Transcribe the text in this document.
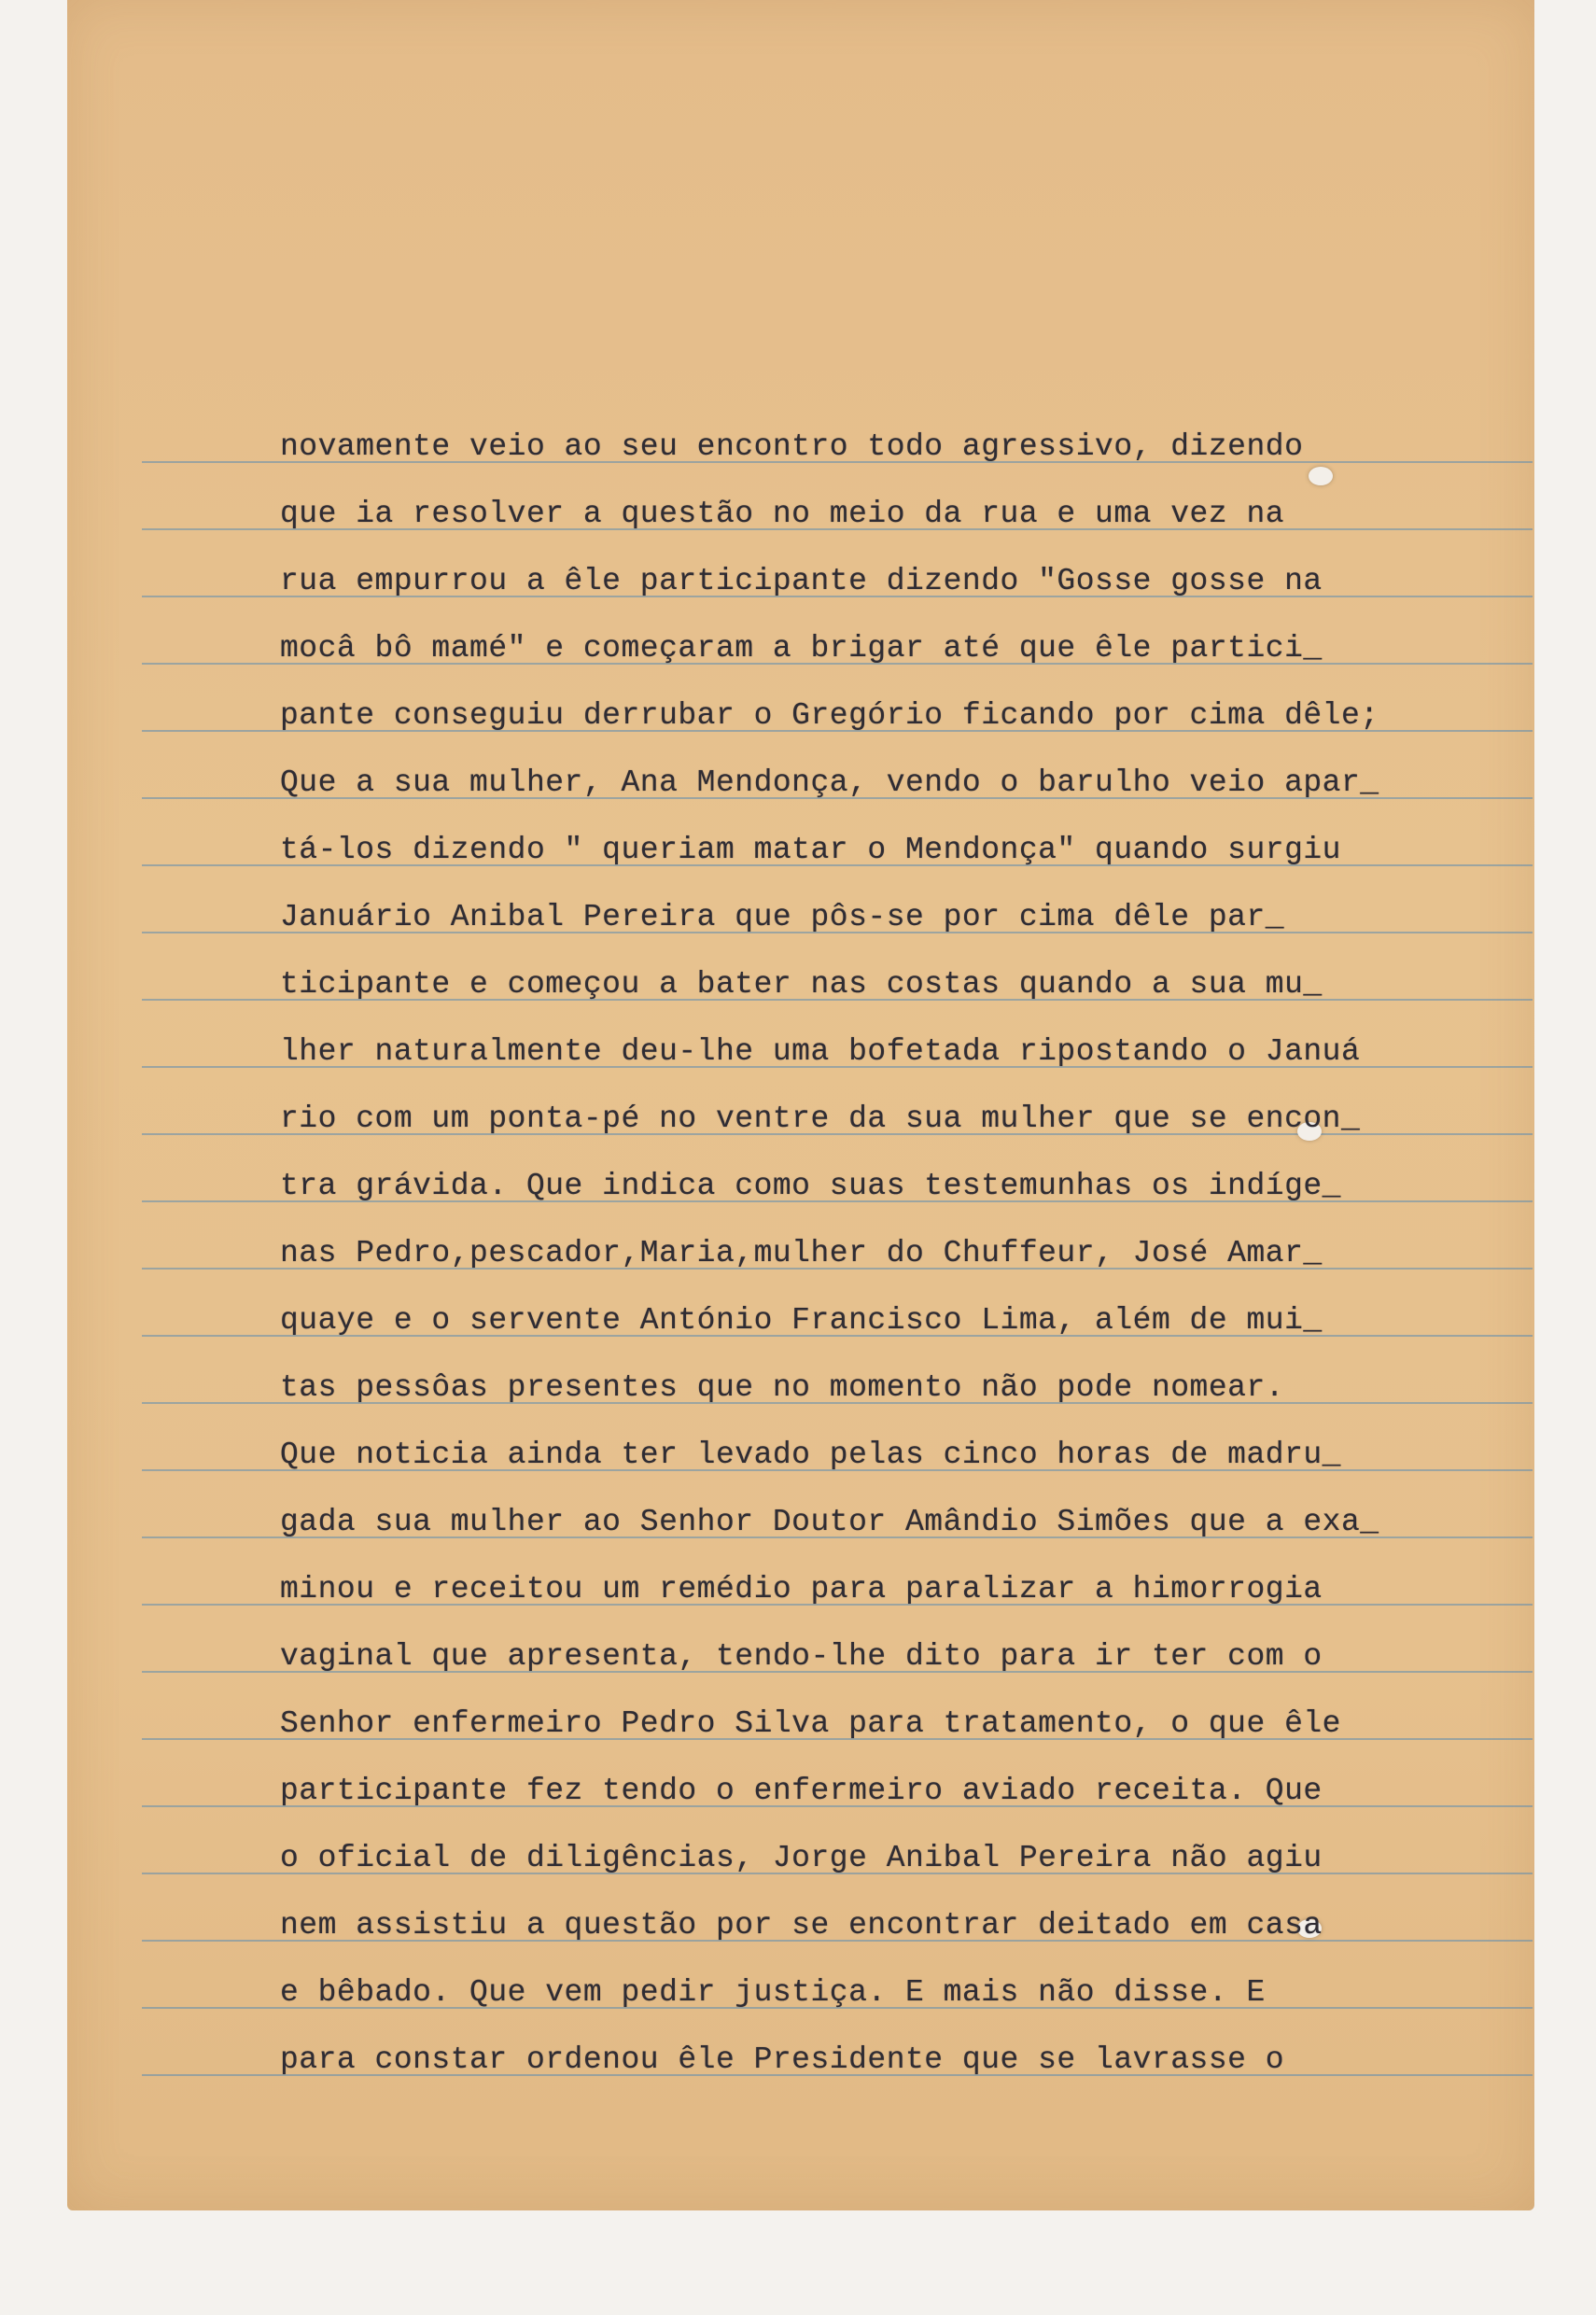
novamente veio ao seu encontro todo agressivo, dizendo
que ia resolver a questão no meio da rua e uma vez na
rua empurrou a êle participante dizendo "Gosse gosse na
mocâ bô mamé" e começaram a brigar até que êle partici_
pante conseguiu derrubar o Gregório ficando por cima dêle;
Que a sua mulher, Ana Mendonça, vendo o barulho veio apar_
tá-los dizendo " queriam matar o Mendonça" quando surgiu
Januário Anibal Pereira que pôs-se por cima dêle par_
ticipante e começou a bater nas costas quando a sua mu_
lher naturalmente deu-lhe uma bofetada ripostando o Januá
rio com um ponta-pé no ventre da sua mulher que se encon_
tra grávida. Que indica como suas testemunhas os indíge_
nas Pedro,pescador,Maria,mulher do Chuffeur, José Amar_
quaye e o servente António Francisco Lima, além de mui_
tas pessôas presentes que no momento não pode nomear.
Que noticia ainda ter levado pelas cinco horas de madru_
gada sua mulher ao Senhor Doutor Amândio Simões que a exa_
minou e receitou um remédio para paralizar a himorrogia
vaginal que apresenta, tendo-lhe dito para ir ter com o
Senhor enfermeiro Pedro Silva para tratamento, o que êle
participante fez tendo o enfermeiro aviado receita. Que
o oficial de diligências, Jorge Anibal Pereira não agiu
nem assistiu a questão por se encontrar deitado em casa
e bêbado. Que vem pedir justiça. E mais não disse. E
para constar ordenou êle Presidente que se lavrasse o
